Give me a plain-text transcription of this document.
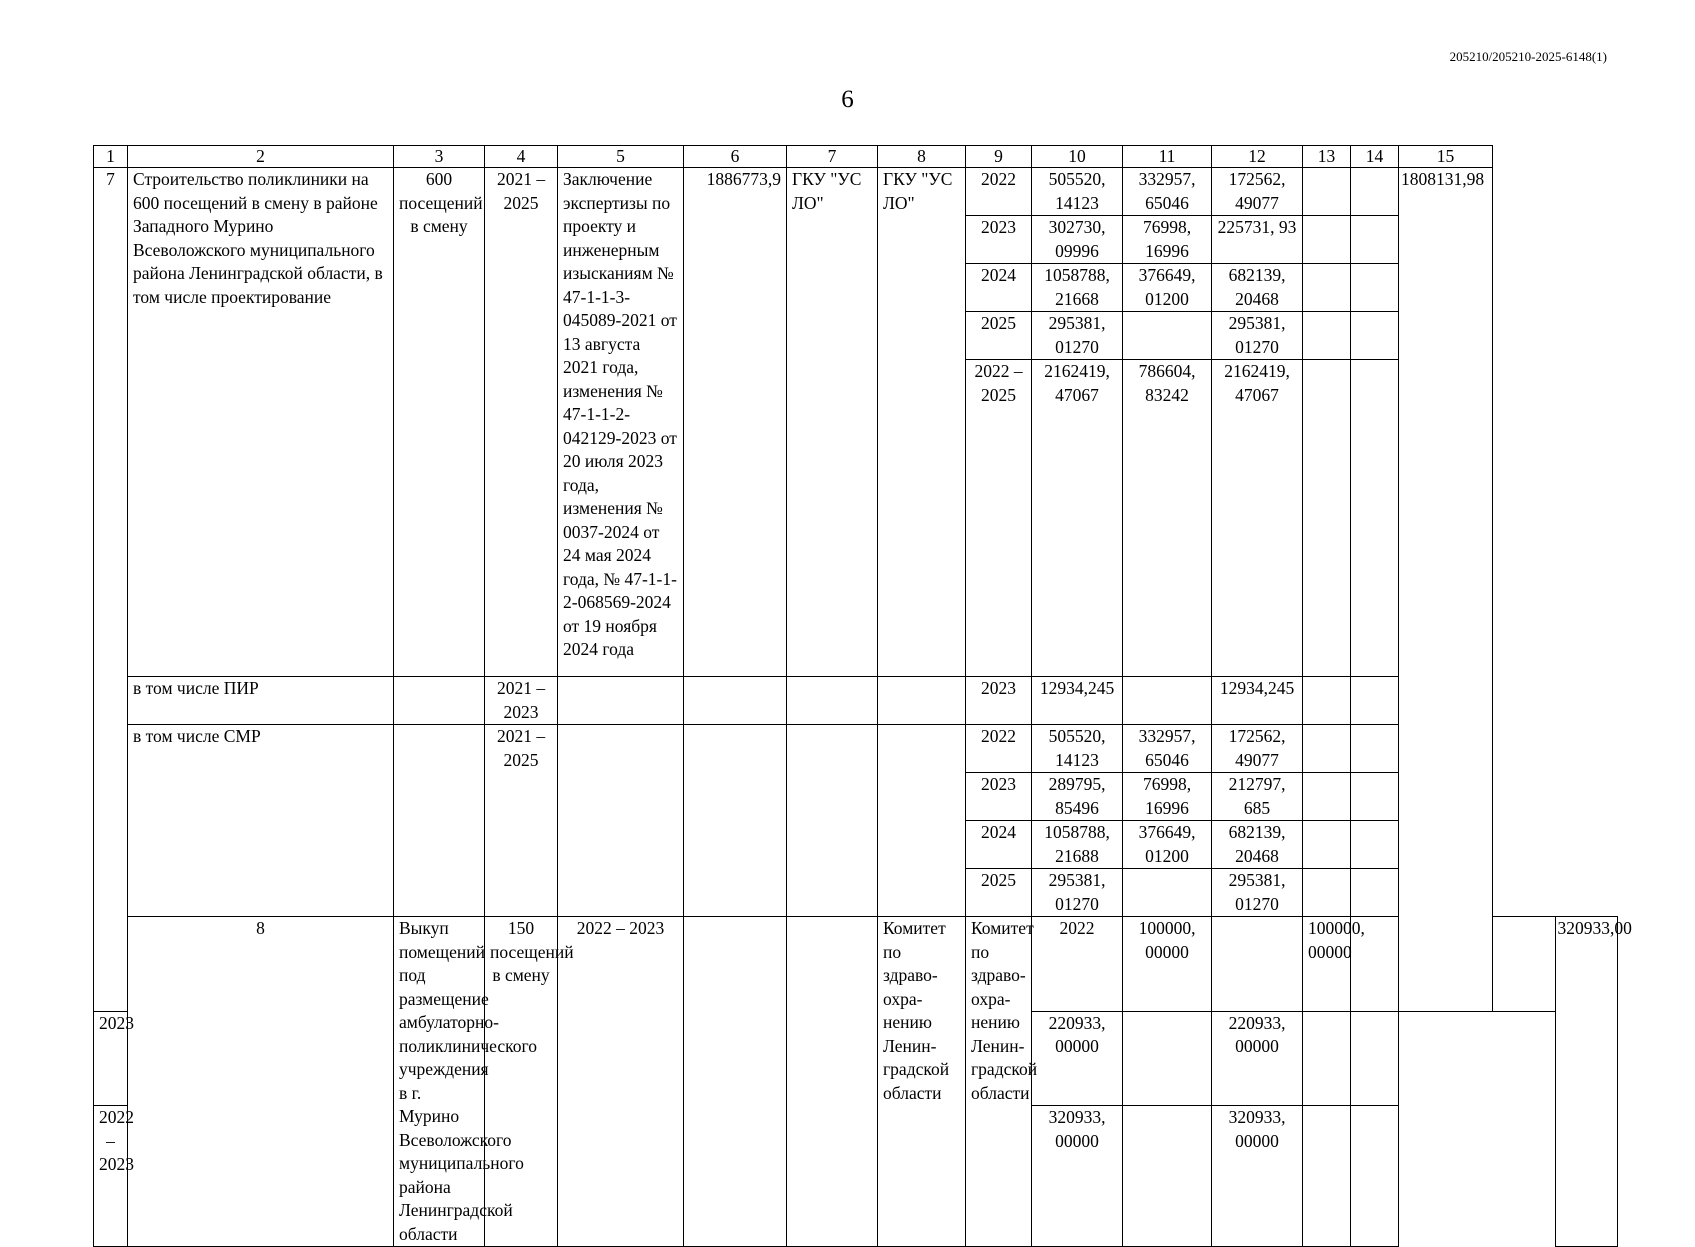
205210/205210-2025-6148(1)
6
1	2	3	4	5	6	7	8	9	10	11	12	13	14	15		
7	Строительство поликлиники на 600 посещений в смену в районе Западного Мурино Всеволожского муниципального района Ленинградской области, в том числе проектирование	600 посещений в смену	2021 – 2025	Заключение экспертизы по проекту и инженерным изысканиям № 47-1-1-3-045089-2021 от 13 августа 2021 года, изменения № 47-1-1-2-042129-2023 от 20 июля 2023 года, изменения № 0037-2024 от 24 мая 2024 года, № 47-1-1-2-068569-2024 от 19 ноября 2024 года	1886773,9	ГКУ "УС ЛО"	ГКУ "УС ЛО"	2022	505520, 14123	332957, 65046	172562, 49077			1808131,98		
								2023	302730, 09996	76998, 16996	225731, 93					
								2024	1058788, 21668	376649, 01200	682139, 20468					
								2025	295381, 01270		295381, 01270					
								2022 – 2025	2162419, 47067	786604, 83242	2162419, 47067					
	в том числе ПИР		2021 – 2023					2023	12934,245		12934,245					
	в том числе СМР		2021 – 2025					2022	505520, 14123	332957, 65046	172562, 49077					
								2023	289795, 85496	76998, 16996	212797, 685					
								2024	1058788, 21688	376649, 01200	682139, 20468					
								2025	295381, 01270		295381, 01270					
	8	Выкуп помещений под размещение амбулаторно-поликлинического учреждения в г. Мурино Всеволожского муниципального района Ленинградской области	150 посещений в смену	2022 – 2023			Комитет по здраво-охра-нению Ленин-градской области	Комитет по здраво-охра-нению Ленин-градской области	2022	100000, 00000		100000, 00000				320933,00
2023									220933, 00000		220933, 00000					
2022 – 2023									320933, 00000		320933, 00000					
